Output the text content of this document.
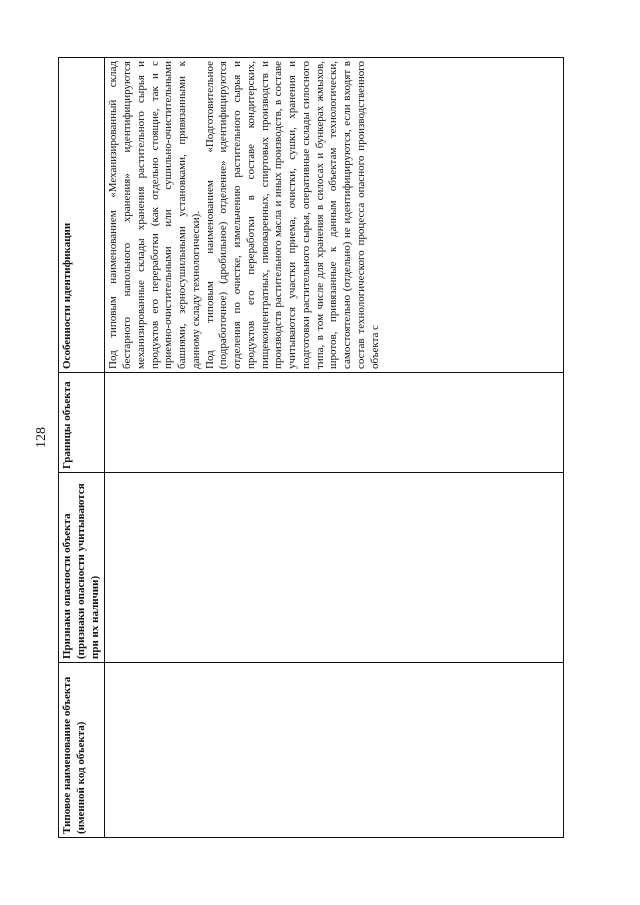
128
Типовое наименование объекта (именной код объекта)	Признаки опасности объекта (признаки опасности учитываются при их наличии)	Границы объекта	Особенности идентификации

			Под типовым наименованием «Механизированный склад бестарного напольного хранения» идентифицируются механизированные склады хранения растительного сырья и продуктов его переработки (как отдельно стоящие, так и с приемно-очистительными или сушильно-очистительными башнями, зерносушильными установками, привязанными к данному складу технологически). Под типовым наименованием «Подготовительное (подработочное) (дробильное) отделение» идентифицируются отделения по очистке, измельчению растительного сырья и продуктов его переработки в составе кондитерских, пищеконцентратных, пивоваренных, спиртовых производств и производств растительного масла и иных производств, в составе учитываются участки приема, очистки, сушки, хранения и подготовки растительного сырья, оперативные склады силосного типа, в том числе для хранения в силосах и бункерах жмыхов, шротов, привязанные к данным объектам технологически, самостоятельно (отдельно) не идентифицируются, если входят в состав технологического процесса опасного производственного объекта с
